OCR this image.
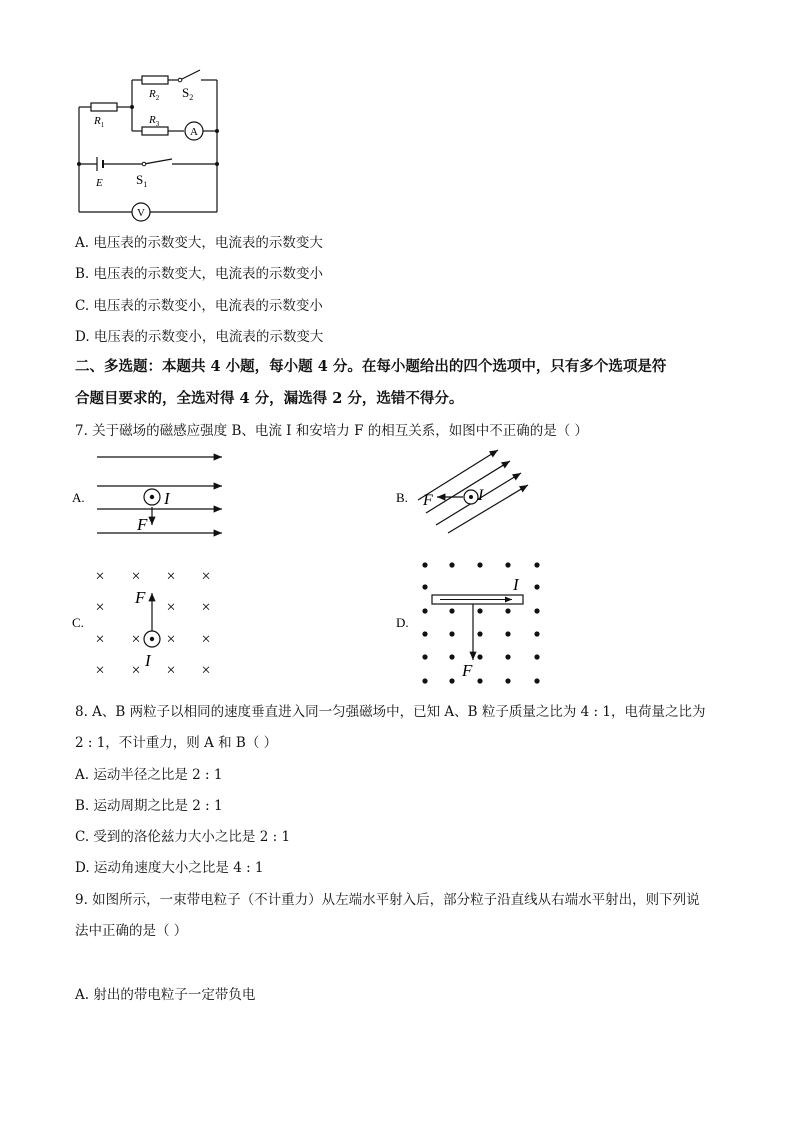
$R_1$
$R_2$
$R_3$
$S_2$
$S_1$
E
A
V
A. 电压表的示数变大，电流表的示数变大
B. 电压表的示数变大，电流表的示数变小
C. 电压表的示数变小，电流表的示数变小
D. 电压表的示数变小，电流表的示数变大
二、多选题：本题共 4 小题，每小题 4 分。在每小题给出的四个选项中，只有多个选项是符
合题目要求的，全选对得 4 分，漏选得 2 分，选错不得分。
7. 关于磁场的磁感应强度 B、电流 I 和安培力 F 的相互关系，如图中不正确的是（ ）
A.	I
F
B.	I
F
C.
× × × ×
×	× ×
× × × ×
× × × ×
F
I
D.
I
F
8. A、B 两粒子以相同的速度垂直进入同一匀强磁场中，已知 A、B 粒子质量之比为 4 : 1，电荷量之比为
2 : 1，不计重力，则 A 和 B（ ）
A. 运动半径之比是 2 : 1
B. 运动周期之比是 2 : 1
C. 受到的洛伦兹力大小之比是 2 : 1
D. 运动角速度大小之比是 4 : 1
9. 如图所示，一束带电粒子（不计重力）从左端水平射入后，部分粒子沿直线从右端水平射出，则下列说
法中正确的是（ ）
A. 射出的带电粒子一定带负电
